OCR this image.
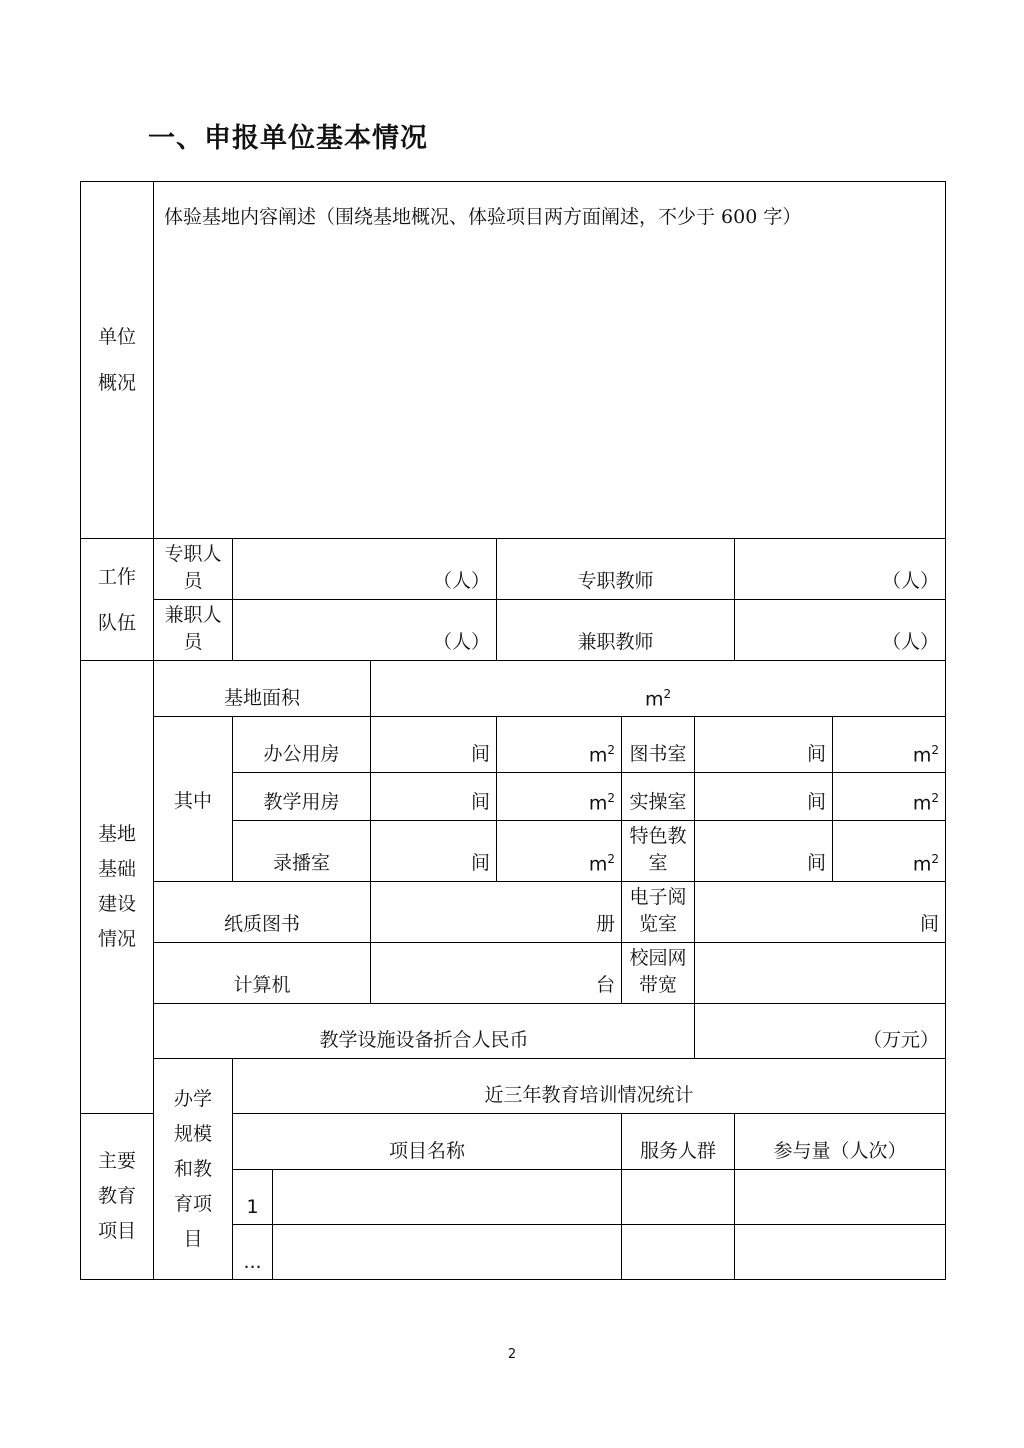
一、申报单位基本情况
单位
概况	体验基地内容阐述（围绕基地概况、体验项目两方面阐述，不少于 600 字）								

工作
队伍	专职人员	（人）			专职教师			（人）	
	兼职人员	（人）			兼职教师			（人）	

基地
基础
建设
情况	基地面积			$m^2$
	其中	办公用房		间	$m^2$	图书室	间		$m^2$
		教学用房		间	$m^2$	实操室	间		$m^2$
		录播室		间	$m^2$	特色教室	间		$m^2$
	纸质图书			册		电子阅览室	间		
	计算机			台		校园网带宽			
	教学设施设备折合人民币						（万元）		

	办学
规模
和教
育项
目	近三年教育培训情况统计							

主要
教育
项目		项目名称				服务人群		参与量（人次）	
		1							
		...							
2
